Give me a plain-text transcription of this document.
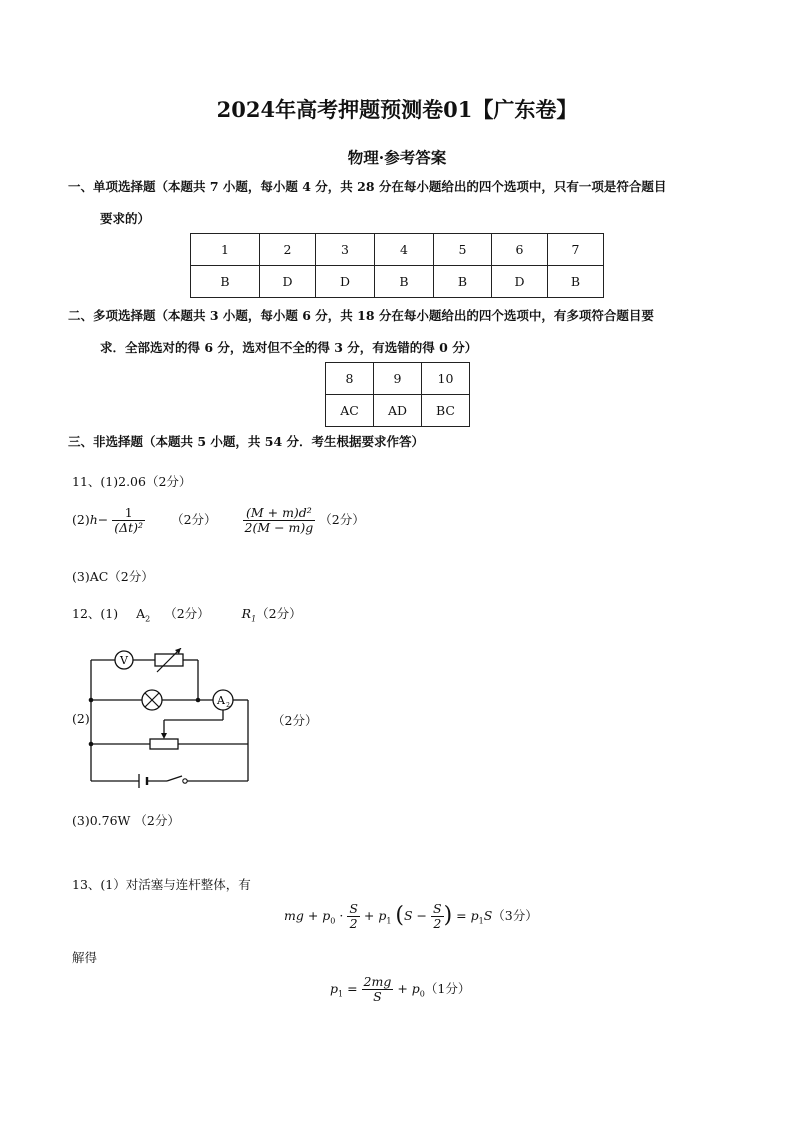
2024年高考押题预测卷01【广东卷】
物理·参考答案
一、单项选择题（本题共 7 小题，每小题 4 分，共 28 分在每小题给出的四个选项中，只有一项是符合题目
要求的）
1	2	3	4	5	6	7
B	D	D	B	B	D	B
二、多项选择题（本题共 3 小题，每小题 6 分，共 18 分在每小题给出的四个选项中，有多项符合题目要
求．全部选对的得 6 分，选对但不全的得 3 分，有选错的得 0 分）
8	9	10
AC	AD	BC
三、非选择题（本题共 5 小题，共 54 分．考生根据要求作答）
11、(1)2.06（2分）
$(2)h- \frac{1}{\text{(Δt)²}} (2$分） $\frac{\text{(M + m)d²}}{2(M - m)g} (2$分）
(3)AC（2分）
12、(1) $A_2$ （2分）	$R_1(2$分）
(2)	（2分）
V
A 2
(3)0.76W （2分）
13、(1）对活塞与连杆整体，有
mg + $p_0 \cdot \frac{S}{2} + p_1$ ($S - \frac{S}{2}$ ) = $p_1S(3$分）
解得
$p_1 = \frac{2mg}{S} + p_0(1$分）
